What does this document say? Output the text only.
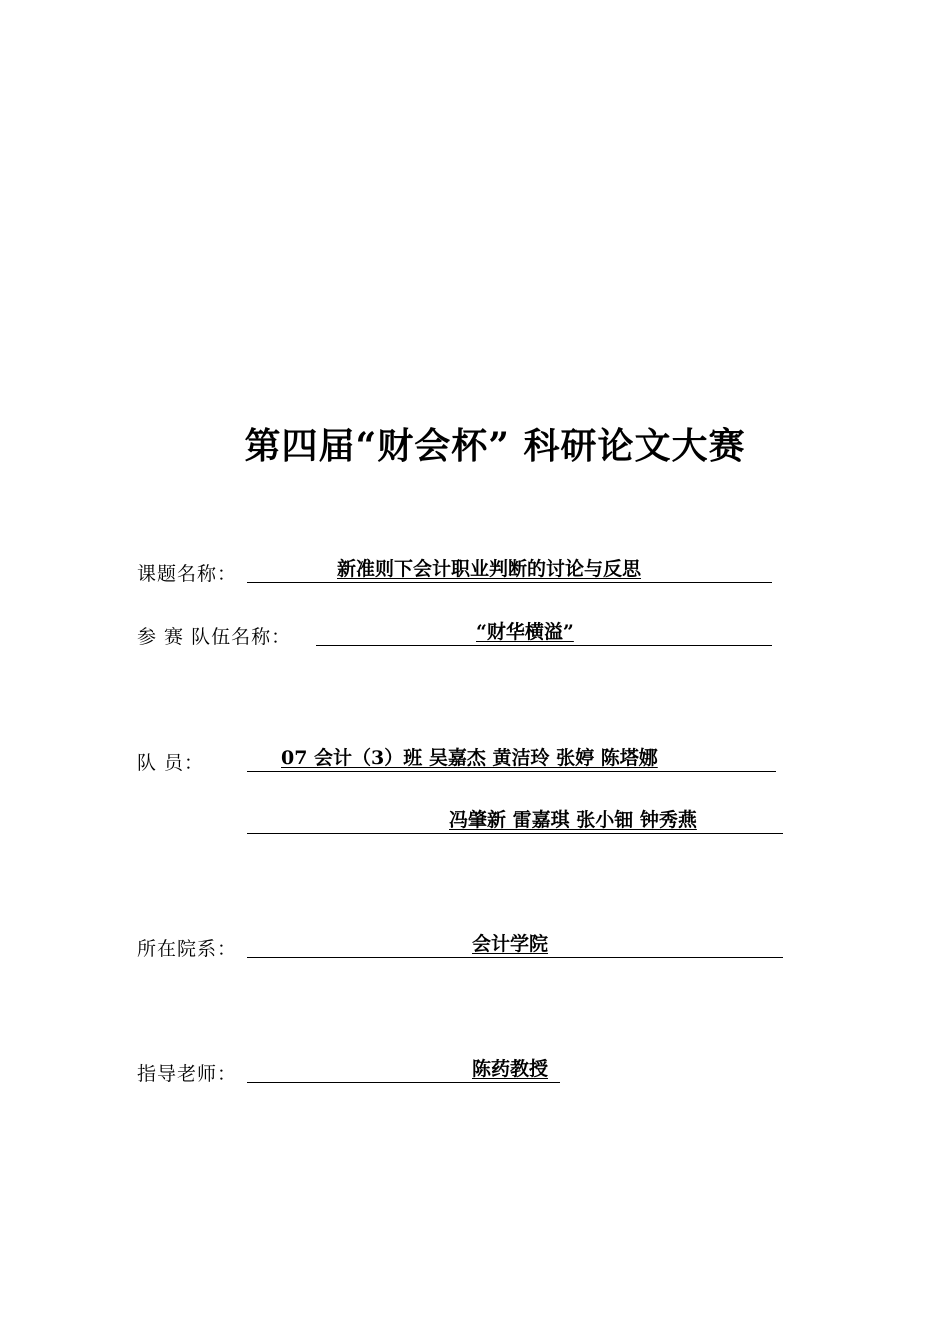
第四届“财会杯” 科研论文大赛
课题名称：	新准则下会计职业判断的讨论与反思
参 赛 队伍名称：	“财华横溢”
队 员：	07 会计（3）班 吴嘉杰 黄洁玲 张婷 陈塔娜
冯肇新 雷嘉琪 张小钿 钟秀燕
所在院系：	会计学院
指导老师：	陈药教授
